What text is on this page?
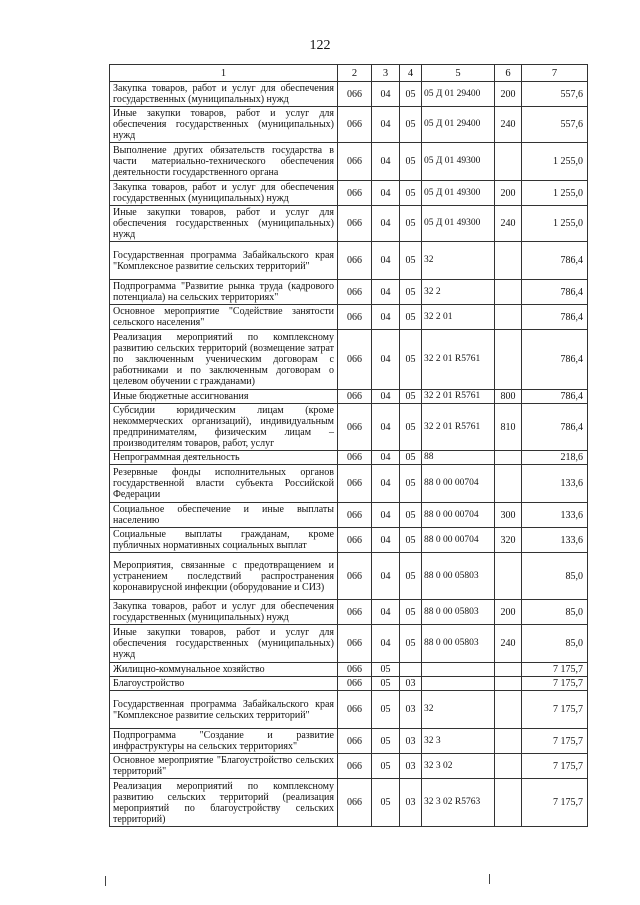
122
1	2	3	4	5	6	7
Закупка товаров, работ и услуг для обеспечения государственных (муниципальных) нужд	066	04	05	05 Д 01 29400	200	557,6
Иные закупки товаров, работ и услуг для обеспечения государственных (муниципальных) нужд	066	04	05	05 Д 01 29400	240	557,6
Выполнение других обязательств государства в части материально-технического обеспечения деятельности государственного органа	066	04	05	05 Д 01 49300		1 255,0
Закупка товаров, работ и услуг для обеспечения государственных (муниципальных) нужд	066	04	05	05 Д 01 49300	200	1 255,0
Иные закупки товаров, работ и услуг для обеспечения государственных (муниципальных) нужд	066	04	05	05 Д 01 49300	240	1 255,0
Государственная программа Забайкальского края "Комплексное развитие сельских территорий"	066	04	05	32		786,4
Подпрограмма "Развитие рынка труда (кадрового потенциала) на сельских территориях"	066	04	05	32 2		786,4
Основное мероприятие "Содействие занятости сельского населения"	066	04	05	32 2 01		786,4
Реализация мероприятий по комплексному развитию сельских территорий (возмещение затрат по заключенным ученическим договорам с работниками и по заключенным договорам о целевом обучении с гражданами)	066	04	05	32 2 01 R5761		786,4
Иные бюджетные ассигнования	066	04	05	32 2 01 R5761	800	786,4
Субсидии юридическим лицам (кроме некоммерческих организаций), индивидуальным предпринимателям, физическим лицам – производителям товаров, работ, услуг	066	04	05	32 2 01 R5761	810	786,4
Непрограммная деятельность	066	04	05	88		218,6
Резервные фонды исполнительных органов государственной власти субъекта Российской Федерации	066	04	05	88 0 00 00704		133,6
Социальное обеспечение и иные выплаты населению	066	04	05	88 0 00 00704	300	133,6
Социальные выплаты гражданам, кроме публичных нормативных социальных выплат	066	04	05	88 0 00 00704	320	133,6
Мероприятия, связанные с предотвращением и устранением последствий распространения коронавирусной инфекции (оборудование и СИЗ)	066	04	05	88 0 00 05803		85,0
Закупка товаров, работ и услуг для обеспечения государственных (муниципальных) нужд	066	04	05	88 0 00 05803	200	85,0
Иные закупки товаров, работ и услуг для обеспечения государственных (муниципальных) нужд	066	04	05	88 0 00 05803	240	85,0
Жилищно-коммунальное хозяйство	066	05				7 175,7
Благоустройство	066	05	03			7 175,7
Государственная программа Забайкальского края "Комплексное развитие сельских территорий"	066	05	03	32		7 175,7
Подпрограмма "Создание и развитие инфраструктуры на сельских территориях"	066	05	03	32 3		7 175,7
Основное мероприятие "Благоустройство сельских территорий"	066	05	03	32 3 02		7 175,7
Реализация мероприятий по комплексному развитию сельских территорий (реализация мероприятий по благоустройству сельских территорий)	066	05	03	32 3 02 R5763		7 175,7
